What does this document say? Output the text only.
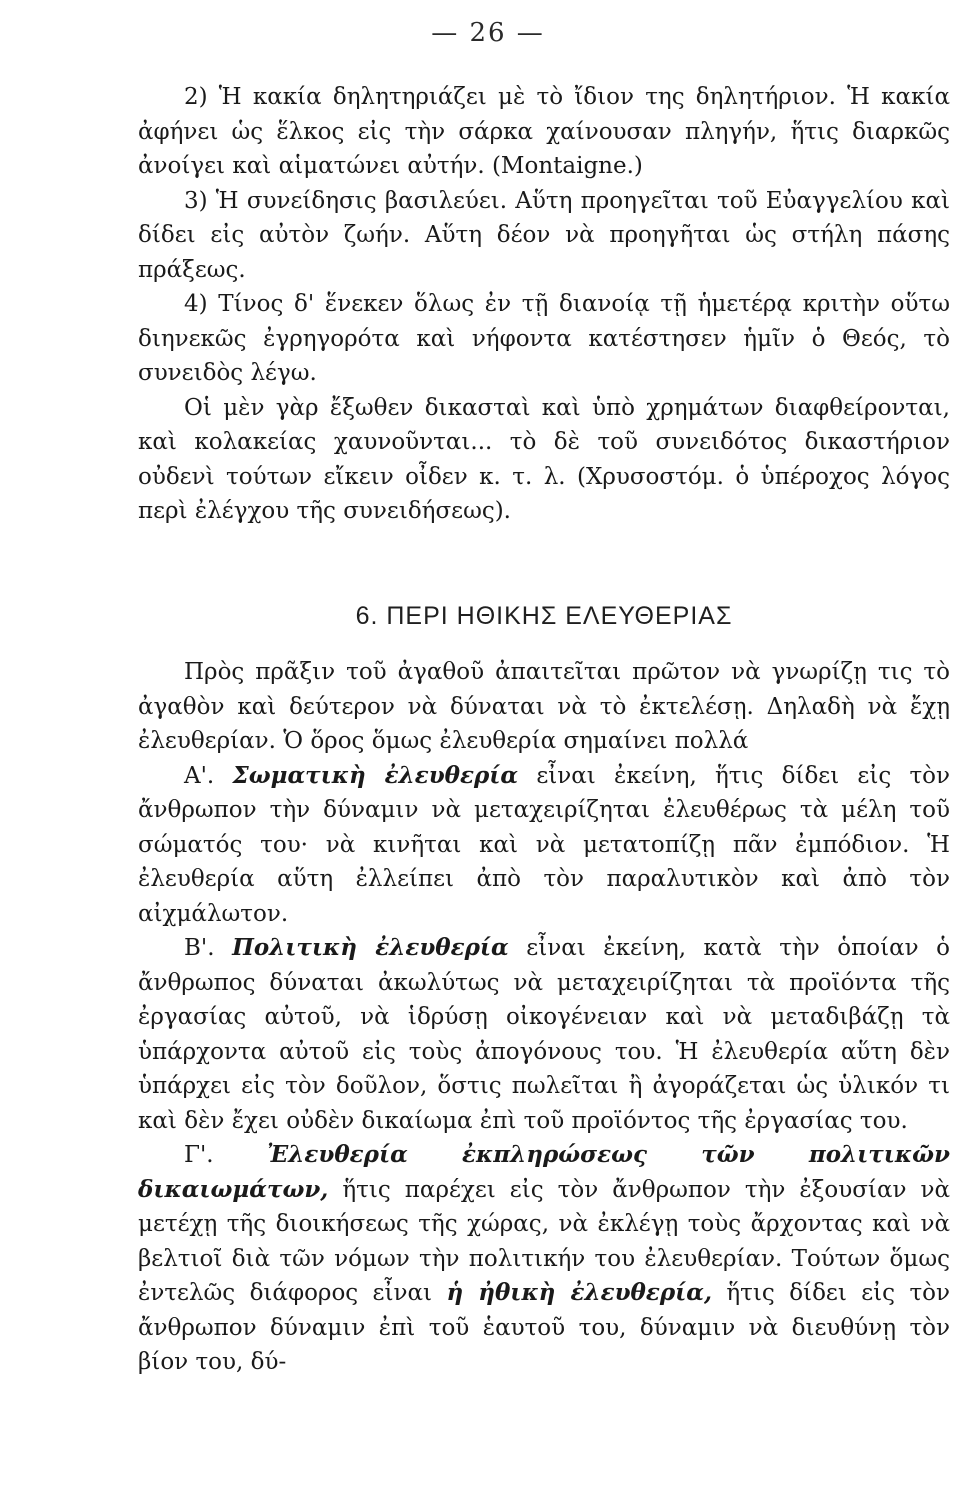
— 26 —

2) Ἡ κακία δηλητηριάζει μὲ τὸ ἴδιον της δηλητήριον. Ἡ κακία ἀφήνει ὡς ἕλκος εἰς τὴν σάρκα χαίνουσαν πληγήν, ἥτις διαρκῶς ἀνοίγει καὶ αἱματώνει αὐτήν. (Montaigne.)

3) Ἡ συνείδησις βασιλεύει. Αὕτη προηγεῖται τοῦ Εὐαγγελίου καὶ δίδει εἰς αὐτὸν ζωήν. Αὕτη δέον νὰ προηγῆται ὡς στήλη πάσης πράξεως.

4) Τίνος δ' ἕνεκεν ὅλως ἐν τῇ διανοίᾳ τῇ ἡμετέρᾳ κριτὴν οὕτω διηνεκῶς ἐγρηγορότα καὶ νήφοντα κατέστησεν ἡμῖν ὁ Θεός, τὸ συνειδὸς λέγω.

Οἱ μὲν γὰρ ἔξωθεν δικασταὶ καὶ ὑπὸ χρημάτων διαφθείρονται, καὶ κολακείας χαυνοῦνται... τὸ δὲ τοῦ συνειδότος δικαστήριον οὐδενὶ τούτων εἴκειν οἶδεν κ. τ. λ. (Χρυσοστόμ. ὁ ὑπέροχος λόγος περὶ ἐλέγχου τῆς συνειδήσεως).

6. ΠΕΡΙ ΗΘΙΚΗΣ ΕΛΕΥΘΕΡΙΑΣ

Πρὸς πρᾶξιν τοῦ ἀγαθοῦ ἀπαιτεῖται πρῶτον νὰ γνωρίζῃ τις τὸ ἀγαθὸν καὶ δεύτερον νὰ δύναται νὰ τὸ ἐκτελέσῃ. Δηλαδὴ νὰ ἔχῃ ἐλευθερίαν. Ὁ ὅρος ὅμως ἐλευθερία σημαίνει πολλά

Α'. Σωματικὴ ἐλευθερία εἶναι ἐκείνη, ἥτις δίδει εἰς τὸν ἄνθρωπον τὴν δύναμιν νὰ μεταχειρίζηται ἐλευθέρως τὰ μέλη τοῦ σώματός του· νὰ κινῆται καὶ νὰ μετατοπίζῃ πᾶν ἐμπόδιον. Ἡ ἐλευθερία αὕτη ἐλλείπει ἀπὸ τὸν παραλυτικὸν καὶ ἀπὸ τὸν αἰχμάλωτον.

Β'. Πολιτικὴ ἐλευθερία εἶναι ἐκείνη, κατὰ τὴν ὁποίαν ὁ ἄνθρωπος δύναται ἀκωλύτως νὰ μεταχειρίζηται τὰ προϊόντα τῆς ἐργασίας αὐτοῦ, νὰ ἱδρύσῃ οἰκογένειαν καὶ νὰ μεταδιβάζῃ τὰ ὑπάρχοντα αὐτοῦ εἰς τοὺς ἀπογόνους του. Ἡ ἐλευθερία αὕτη δὲν ὑπάρχει εἰς τὸν δοῦλον, ὅστις πωλεῖται ἢ ἀγοράζεται ὡς ὑλικόν τι καὶ δὲν ἔχει οὐδὲν δικαίωμα ἐπὶ τοῦ προϊόντος τῆς ἐργασίας του.

Γ'. Ἐλευθερία ἐκπληρώσεως τῶν πολιτικῶν δικαιωμάτων, ἥτις παρέχει εἰς τὸν ἄνθρωπον τὴν ἐξουσίαν νὰ μετέχῃ τῆς διοικήσεως τῆς χώρας, νὰ ἐκλέγῃ τοὺς ἄρχοντας καὶ νὰ βελτιοῖ διὰ τῶν νόμων τὴν πολιτικήν του ἐλευθερίαν. Τούτων ὅμως ἐντελῶς διάφορος εἶναι ἡ ἠθικὴ ἐλευθερία, ἥτις δίδει εἰς τὸν ἄνθρωπον δύναμιν ἐπὶ τοῦ ἑαυτοῦ του, δύναμιν νὰ διευθύνῃ τὸν βίον του, δύ-
